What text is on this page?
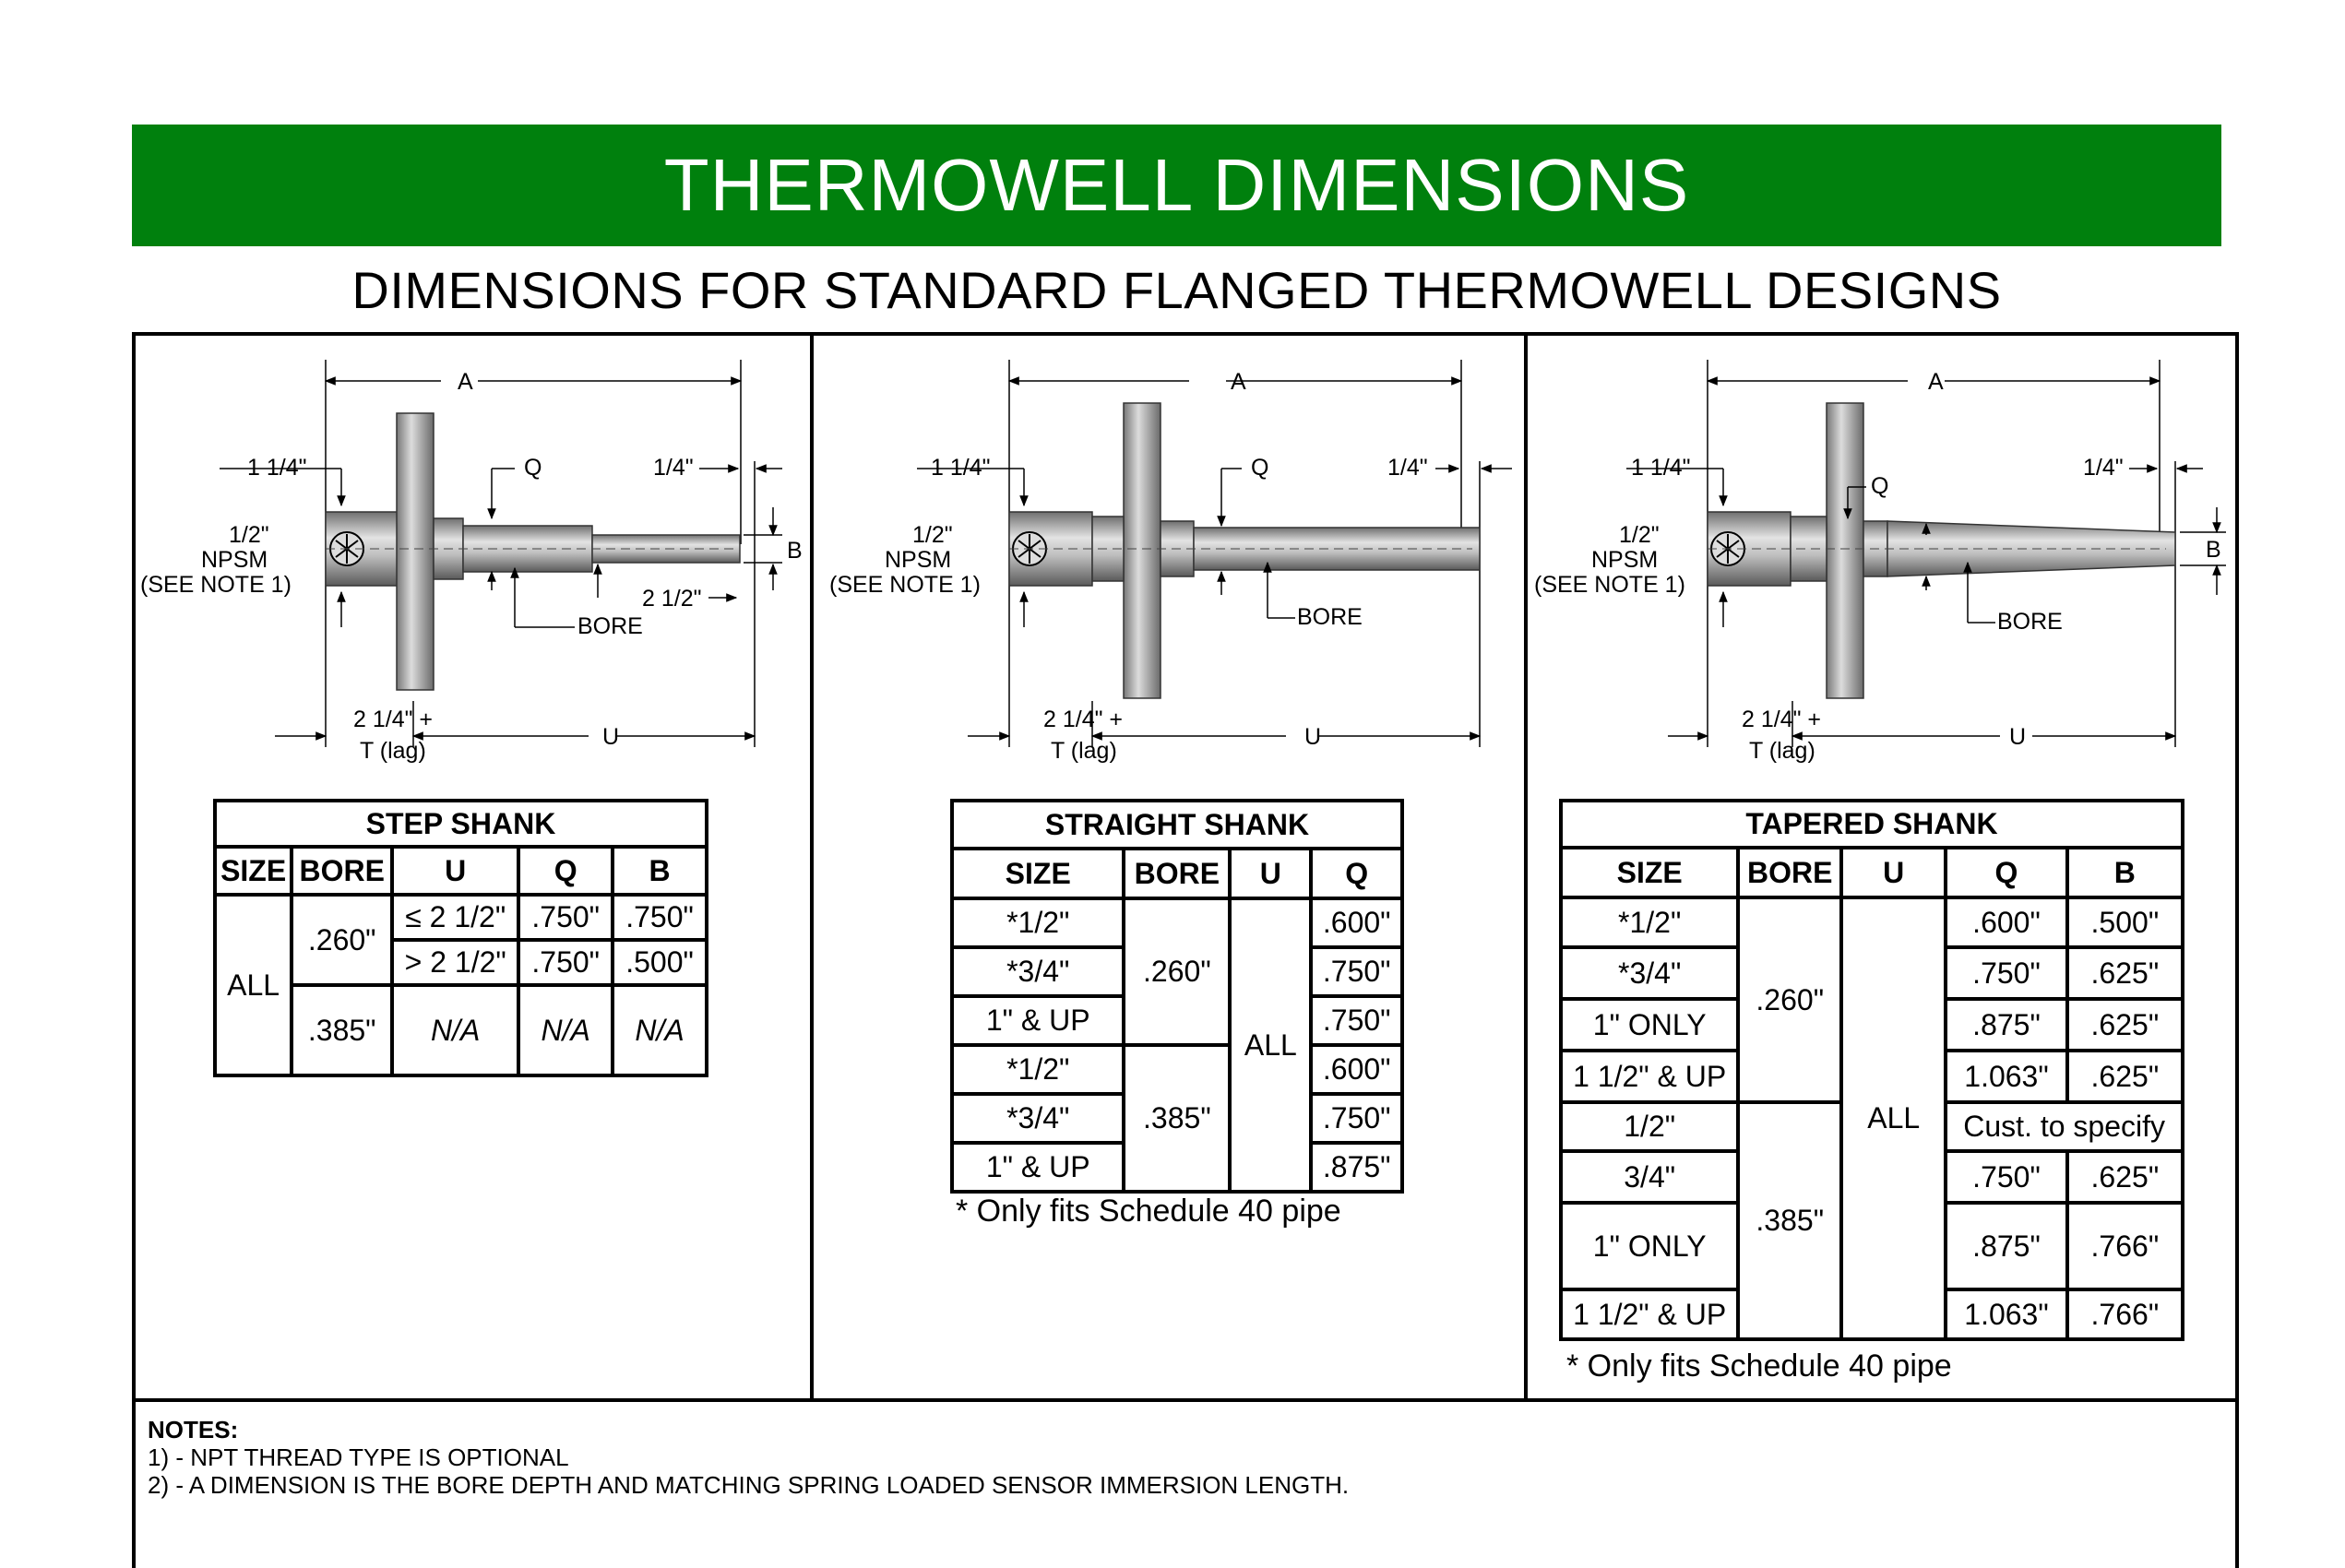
THERMOWELL DIMENSIONS
DIMENSIONS FOR STANDARD FLANGED THERMOWELL DESIGNS
A
1 1/4"	Q	1/4"
1/2"
NPSM
(SEE NOTE 1)
B
2 1/2"
BORE
2 1/4" +
T (lag)
U
A
1 1/4"	Q	1/4"
1/2"
NPSM
(SEE NOTE 1)
BORE
2 1/4" +
T (lag)
U
A
1 1/4"
Q
1/4"
1/2"
NPSM
(SEE NOTE 1)
B
BORE
2 1/4" +
T (lag)
U
STEP SHANK				
SIZE	BORE	U	Q	B
ALL	.260"	≤ 2 1/2"	.750"	.750"
		> 2 1/2"	.750"	.500"
	.385"	N/A	N/A	N/A
STRAIGHT SHANK			
SIZE	BORE	U	Q
*1/2"	.260"	ALL	.600"
*3/4"			.750"
1" & UP			.750"
*1/2"	.385"		.600"
*3/4"			.750"
1" & UP			.875"
* Only fits Schedule 40 pipe
TAPERED SHANK				
SIZE	BORE	U	Q	B
*1/2"	.260"	ALL	.600"	.500"
*3/4"			.750"	.625"
1" ONLY			.875"	.625"
1 1/2" & UP			1.063"	.625"
1/2"	.385"		Cust. to specify	
3/4"			.750"	.625"
1" ONLY			.875"	.766"
1 1/2" & UP			1.063"	.766"
* Only fits Schedule 40 pipe
NOTES:
1) - NPT THREAD TYPE IS OPTIONAL
2) - A DIMENSION IS THE BORE DEPTH AND MATCHING SPRING LOADED SENSOR IMMERSION LENGTH.
